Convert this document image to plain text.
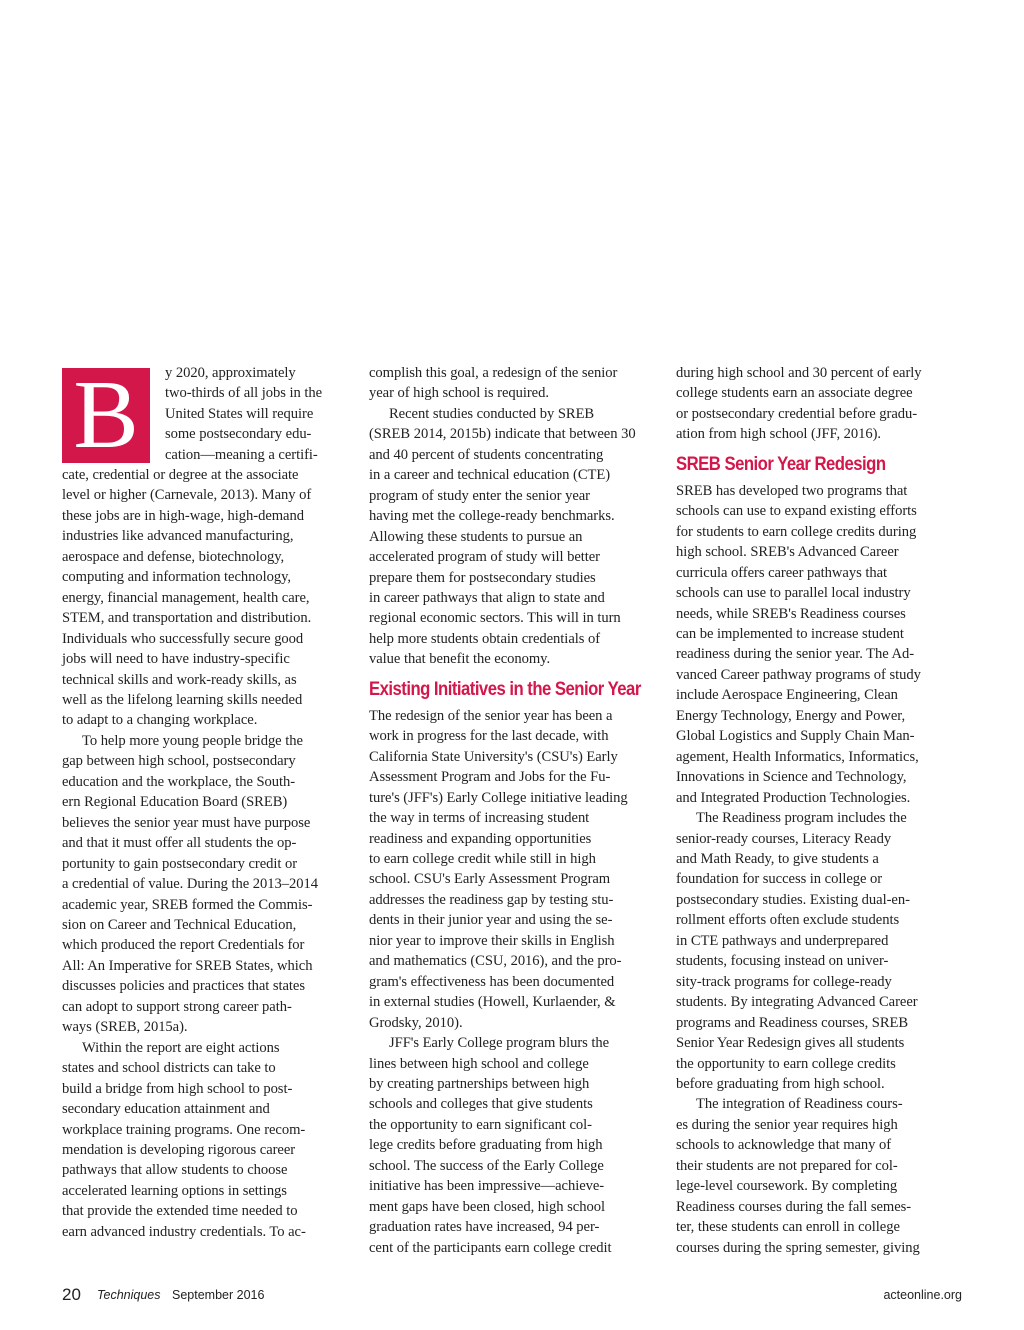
B	y 2020, approximately
two-thirds of all jobs in the
United States will require
some postsecondary edu-
cation—meaning a certifi-
cate, credential or degree at the associate
level or higher (Carnevale, 2013). Many of
these jobs are in high-wage, high-demand
industries like advanced manufacturing,
aerospace and defense, biotechnology,
computing and information technology,
energy, financial management, health care,
STEM, and transportation and distribution.
Individuals who successfully secure good
jobs will need to have industry-specific
technical skills and work-ready skills, as
well as the lifelong learning skills needed
to adapt to a changing workplace.
To help more young people bridge the
gap between high school, postsecondary
education and the workplace, the South-
ern Regional Education Board (SREB)
believes the senior year must have purpose
and that it must offer all students the op-
portunity to gain postsecondary credit or
a credential of value. During the 2013–2014
academic year, SREB formed the Commis-
sion on Career and Technical Education,
which produced the report Credentials for
All: An Imperative for SREB States, which
discusses policies and practices that states
can adopt to support strong career path-
ways (SREB, 2015a).
Within the report are eight actions
states and school districts can take to
build a bridge from high school to post-
secondary education attainment and
workplace training programs. One recom-
mendation is developing rigorous career
pathways that allow students to choose
accelerated learning options in settings
that provide the extended time needed to
earn advanced industry credentials. To ac-
complish this goal, a redesign of the senior
year of high school is required.
Recent studies conducted by SREB
(SREB 2014, 2015b) indicate that between 30
and 40 percent of students concentrating
in a career and technical education (CTE)
program of study enter the senior year
having met the college-ready benchmarks.
Allowing these students to pursue an
accelerated program of study will better
prepare them for postsecondary studies
in career pathways that align to state and
regional economic sectors. This will in turn
help more students obtain credentials of
value that benefit the economy.
Existing Initiatives in the Senior Year
The redesign of the senior year has been a
work in progress for the last decade, with
California State University's (CSU's) Early
Assessment Program and Jobs for the Fu-
ture's (JFF's) Early College initiative leading
the way in terms of increasing student
readiness and expanding opportunities
to earn college credit while still in high
school. CSU's Early Assessment Program
addresses the readiness gap by testing stu-
dents in their junior year and using the se-
nior year to improve their skills in English
and mathematics (CSU, 2016), and the pro-
gram's effectiveness has been documented
in external studies (Howell, Kurlaender, &
Grodsky, 2010).
JFF's Early College program blurs the
lines between high school and college
by creating partnerships between high
schools and colleges that give students
the opportunity to earn significant col-
lege credits before graduating from high
school. The success of the Early College
initiative has been impressive—achieve-
ment gaps have been closed, high school
graduation rates have increased, 94 per-
cent of the participants earn college credit
during high school and 30 percent of early
college students earn an associate degree
or postsecondary credential before gradu-
ation from high school (JFF, 2016).
SREB Senior Year Redesign
SREB has developed two programs that
schools can use to expand existing efforts
for students to earn college credits during
high school. SREB's Advanced Career
curricula offers career pathways that
schools can use to parallel local industry
needs, while SREB's Readiness courses
can be implemented to increase student
readiness during the senior year. The Ad-
vanced Career pathway programs of study
include Aerospace Engineering, Clean
Energy Technology, Energy and Power,
Global Logistics and Supply Chain Man-
agement, Health Informatics, Informatics,
Innovations in Science and Technology,
and Integrated Production Technologies.
The Readiness program includes the
senior-ready courses, Literacy Ready
and Math Ready, to give students a
foundation for success in college or
postsecondary studies. Existing dual-en-
rollment efforts often exclude students
in CTE pathways and underprepared
students, focusing instead on univer-
sity-track programs for college-ready
students. By integrating Advanced Career
programs and Readiness courses, SREB
Senior Year Redesign gives all students
the opportunity to earn college credits
before graduating from high school.
The integration of Readiness cours-
es during the senior year requires high
schools to acknowledge that many of
their students are not prepared for col-
lege-level coursework. By completing
Readiness courses during the fall semes-
ter, these students can enroll in college
courses during the spring semester, giving
20 Techniques September 2016	acteonline.org
